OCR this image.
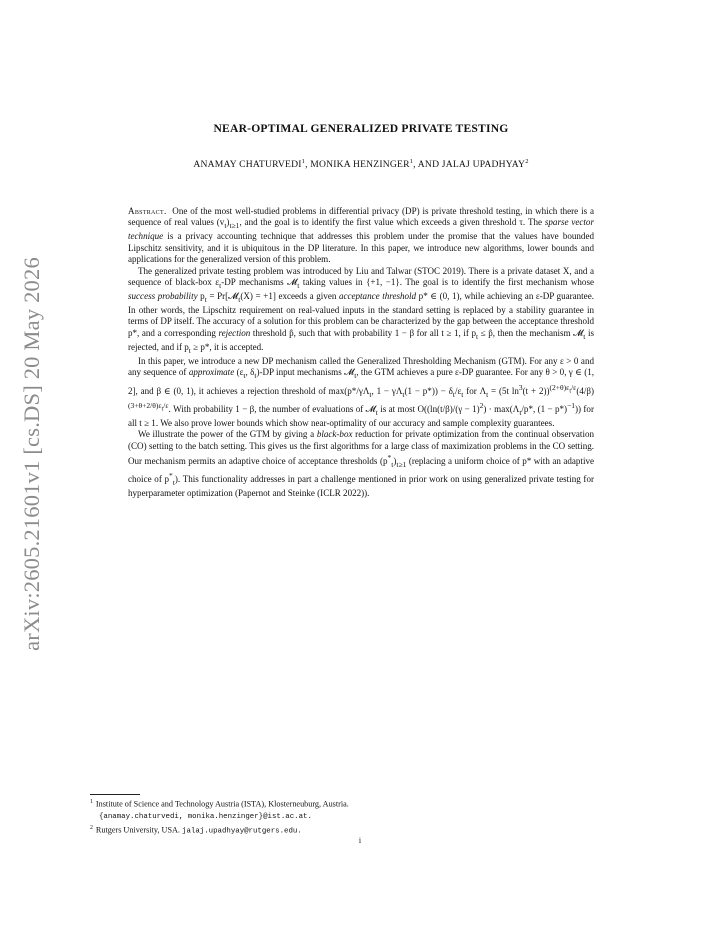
arXiv:2605.21601v1 [cs.DS] 20 May 2026
NEAR-OPTIMAL GENERALIZED PRIVATE TESTING
ANAMAY CHATURVEDI$^1$, MONIKA HENZINGER$^1$, AND JALAJ UPADHYAY$^2$

Abstract. One of the most well-studied problems in differential privacy (DP) is private threshold testing, in which there is a sequence of real values $(v_t)_{t\ge 1}$, and the goal is to identify the first value which exceeds a given threshold τ. The sparse vector technique is a privacy accounting technique that addresses this problem under the promise that the values have bounded Lipschitz sensitivity, and it is ubiquitous in the DP literature. In this paper, we introduce new algorithms, lower bounds and applications for the generalized version of this problem.

The generalized private testing problem was introduced by Liu and Talwar (STOC 2019). There is a private dataset X, and a sequence of black-box $\varepsilon_t-DP$ mechanisms 𝓜$_t$ taking values in {+1, −1}. The goal is to identify the first mechanism whose success probability $p_t$ = Pr[𝓜$_t$(X) = +1] exceeds a given acceptance threshold p* ∈ (0, 1), while achieving an ε-DP guarantee. In other words, the Lipschitz requirement on real-valued inputs in the standard setting is replaced by a stability guarantee in terms of DP itself. The accuracy of a solution for this problem can be characterized by the gap between the acceptance threshold p*, and a corresponding rejection threshold p̂, such that with probability 1 − β for all t ≥ 1, if $p_t$ ≤ p̂, then the mechanism 𝓜$_t$ is rejected, and if $p_t \ge p*$, it is accepted.

In this paper, we introduce a new DP mechanism called the Generalized Thresholding Mechanism (GTM). For any ε > 0 and any sequence of approximate ($\varepsilon_t$, $\delta_t)-DP$ input mechanisms 𝓜$_t$, the GTM achieves a pure ε-DP guarantee. For any θ > 0, γ ∈ (1, 2], and β ∈ (0, 1), it achieves a rejection threshold of $\max(p*/\gamma\Lambda_t$, $1 - \gamma\Lambda_t(1 - p*)) - \delta_t/\varepsilon_t$ for $\Lambda_t = (5t$ $\ln^3(t + 2))^{(2+\theta)\varepsilon_t/\varepsilon}(4/\beta)^{(3+\theta+2/\theta)\varepsilon_t/\varepsilon}$. With probability 1 − β, the number of evaluations of 𝓜$_t$ is at most $O((\ln(t/\beta)/(\gamma - 1)^2) \cdot \max(\Lambda_t/p*$, $(1 - p*)^{-1}$)) for all t ≥ 1. We also prove lower bounds which show near-optimality of our accuracy and sample complexity guarantees.

We illustrate the power of the GTM by giving a black-box reduction for private optimization from the continual observation (CO) setting to the batch setting. This gives us the first algorithms for a large class of maximization problems in the CO setting. Our mechanism permits an adaptive choice of acceptance thresholds $(p^*_t)_{t\ge 1}$ (replacing a uniform choice of p* with an adaptive choice of $p^*_t$). This functionality addresses in part a challenge mentioned in prior work on using generalized private testing for hyperparameter optimization (Papernot and Steinke (ICLR 2022)).

$^1$ Institute of Science and Technology Austria (ISTA), Klosterneuburg, Austria.

{anamay.chaturvedi, monika.henzinger}@ist.ac.at.

$^2$ Rutgers University, USA. jalaj.upadhyay@rutgers.edu.

i
